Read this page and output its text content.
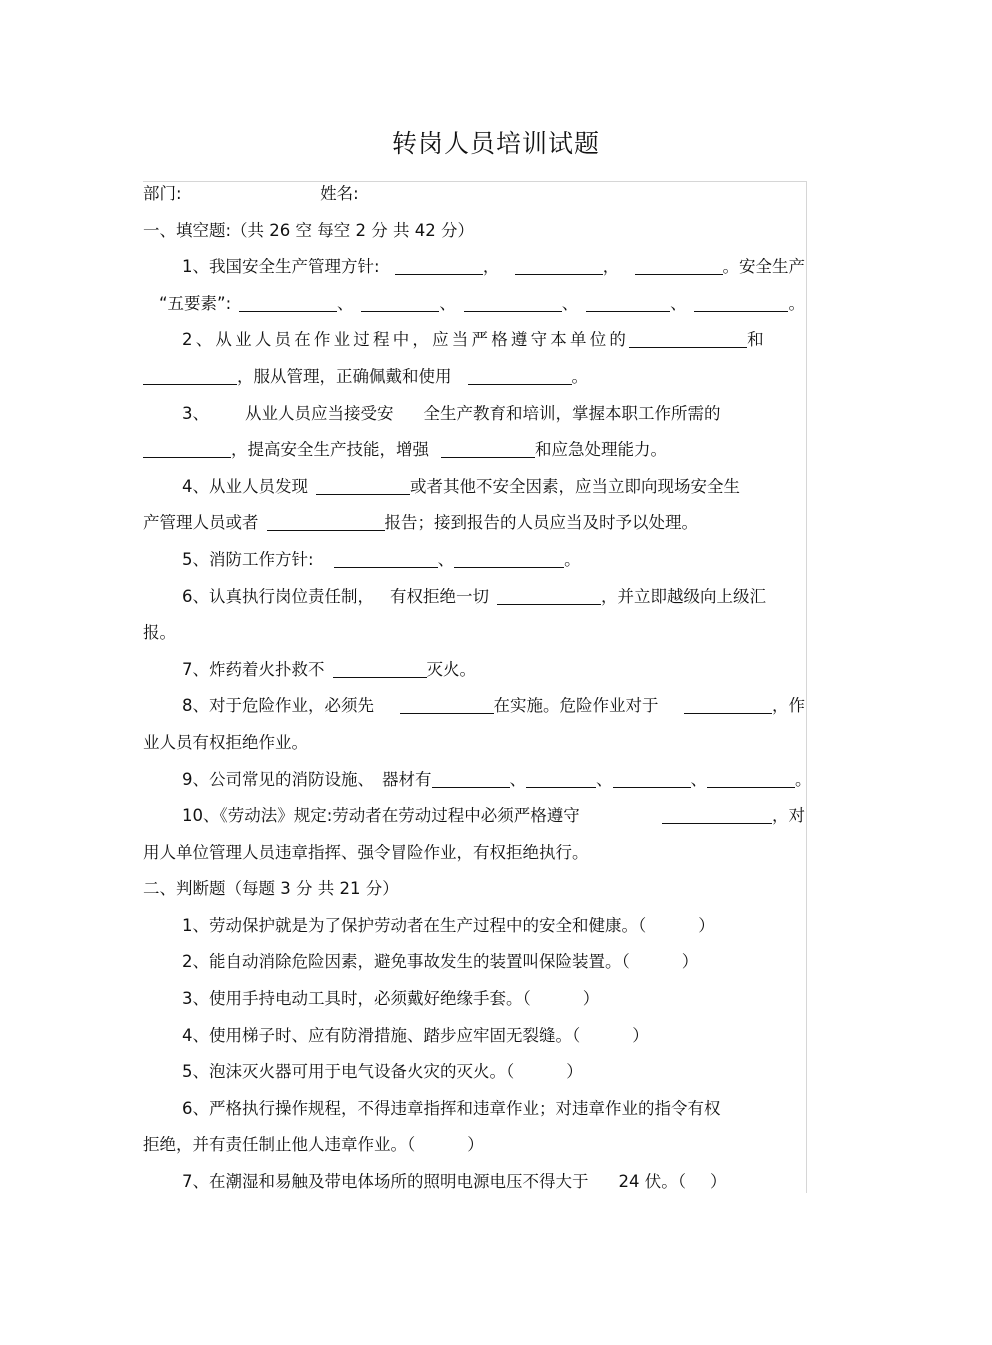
转岗人员培训试题
部门:	姓名:
一、填空题:（共 26 空 每空 2 分 共 42 分）
1、我国安全生产管理方针:	，	，	。安全生产
“五要素”:	、	、	、	、	。
2、从业人员在作业过程中，应当严格遵守本单位的	和
，服从管理，正确佩戴和使用	。
3、 从业人员应当接受安 全生产教育和培训，掌握本职工作所需的
，提高安全生产技能，增强	和应急处理能力。
4、从业人员发现	或者其他不安全因素，应当立即向现场安全生
产管理人员或者	报告；接到报告的人员应当及时予以处理。
5、消防工作方针:	、	。
6、认真执行岗位责任制， 有权拒绝一切	，并立即越级向上级汇
报。
7、炸药着火扑救不	灭火。
8、对于危险作业，必须先	在实施。危险作业对于	，作
业人员有权拒绝作业。
9、公司常见的消防设施、 器材有	、	、	、	。
10、《劳动法》规定:劳动者在劳动过程中必须严格遵守	，对
用人单位管理人员违章指挥、强令冒险作业，有权拒绝执行。
二、判断题（每题 3 分 共 21 分）
1、劳动保护就是为了保护劳动者在生产过程中的安全和健康。（	）
2、能自动消除危险因素，避免事故发生的装置叫保险装置。（	）
3、使用手持电动工具时，必须戴好绝缘手套。（	）
4、使用梯子时、应有防滑措施、踏步应牢固无裂缝。（	）
5、泡沫灭火器可用于电气设备火灾的灭火。（	）
6、严格执行操作规程，不得违章指挥和违章作业；对违章作业的指令有权
拒绝，并有责任制止他人违章作业。（	）
7、在潮湿和易触及带电体场所的照明电源电压不得大于 24 伏。（ ）
